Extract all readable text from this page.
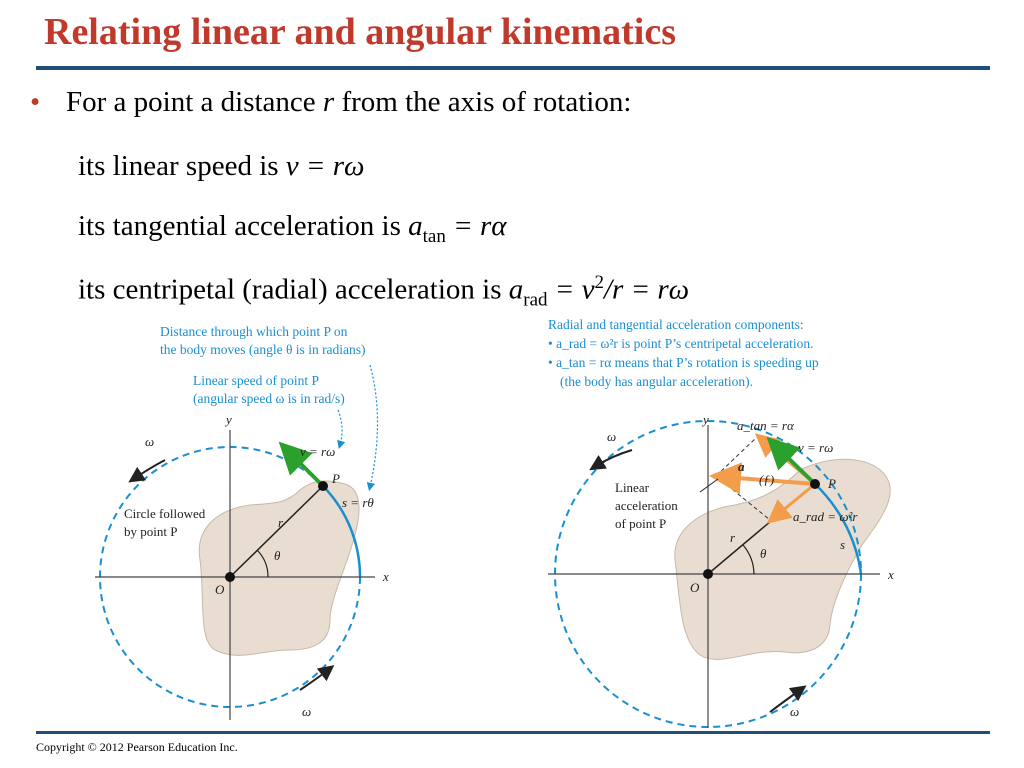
Relating linear and angular kinematics
• For a point a distance r from the axis of rotation:
its linear speed is v = rω
its tangential acceleration is $a_{tan} = r\alpha$
its centripetal (radial) acceleration is $a_{rad} = v^2/r = r\omega$
Distance through which point P on
the body moves (angle θ is in radians)
Linear speed of point P
(angular speed ω is in rad/s)
Circle followed
by point P
ω
ω
v = rω
s = rθ
P
r
θ
O
x
y
Radial and tangential acceleration components:
• a_rad = ω²r is point P’s centripetal acceleration.
• a_tan = rα means that P’s rotation is speeding up
(the body has angular acceleration).
a_tan = rα
v = rω
a
(ƒ)
a_rad = ω²r
Linear
acceleration
of point P
P
r
θ
s
O
x
y
ω
ω
Copyright © 2012 Pearson Education Inc.
